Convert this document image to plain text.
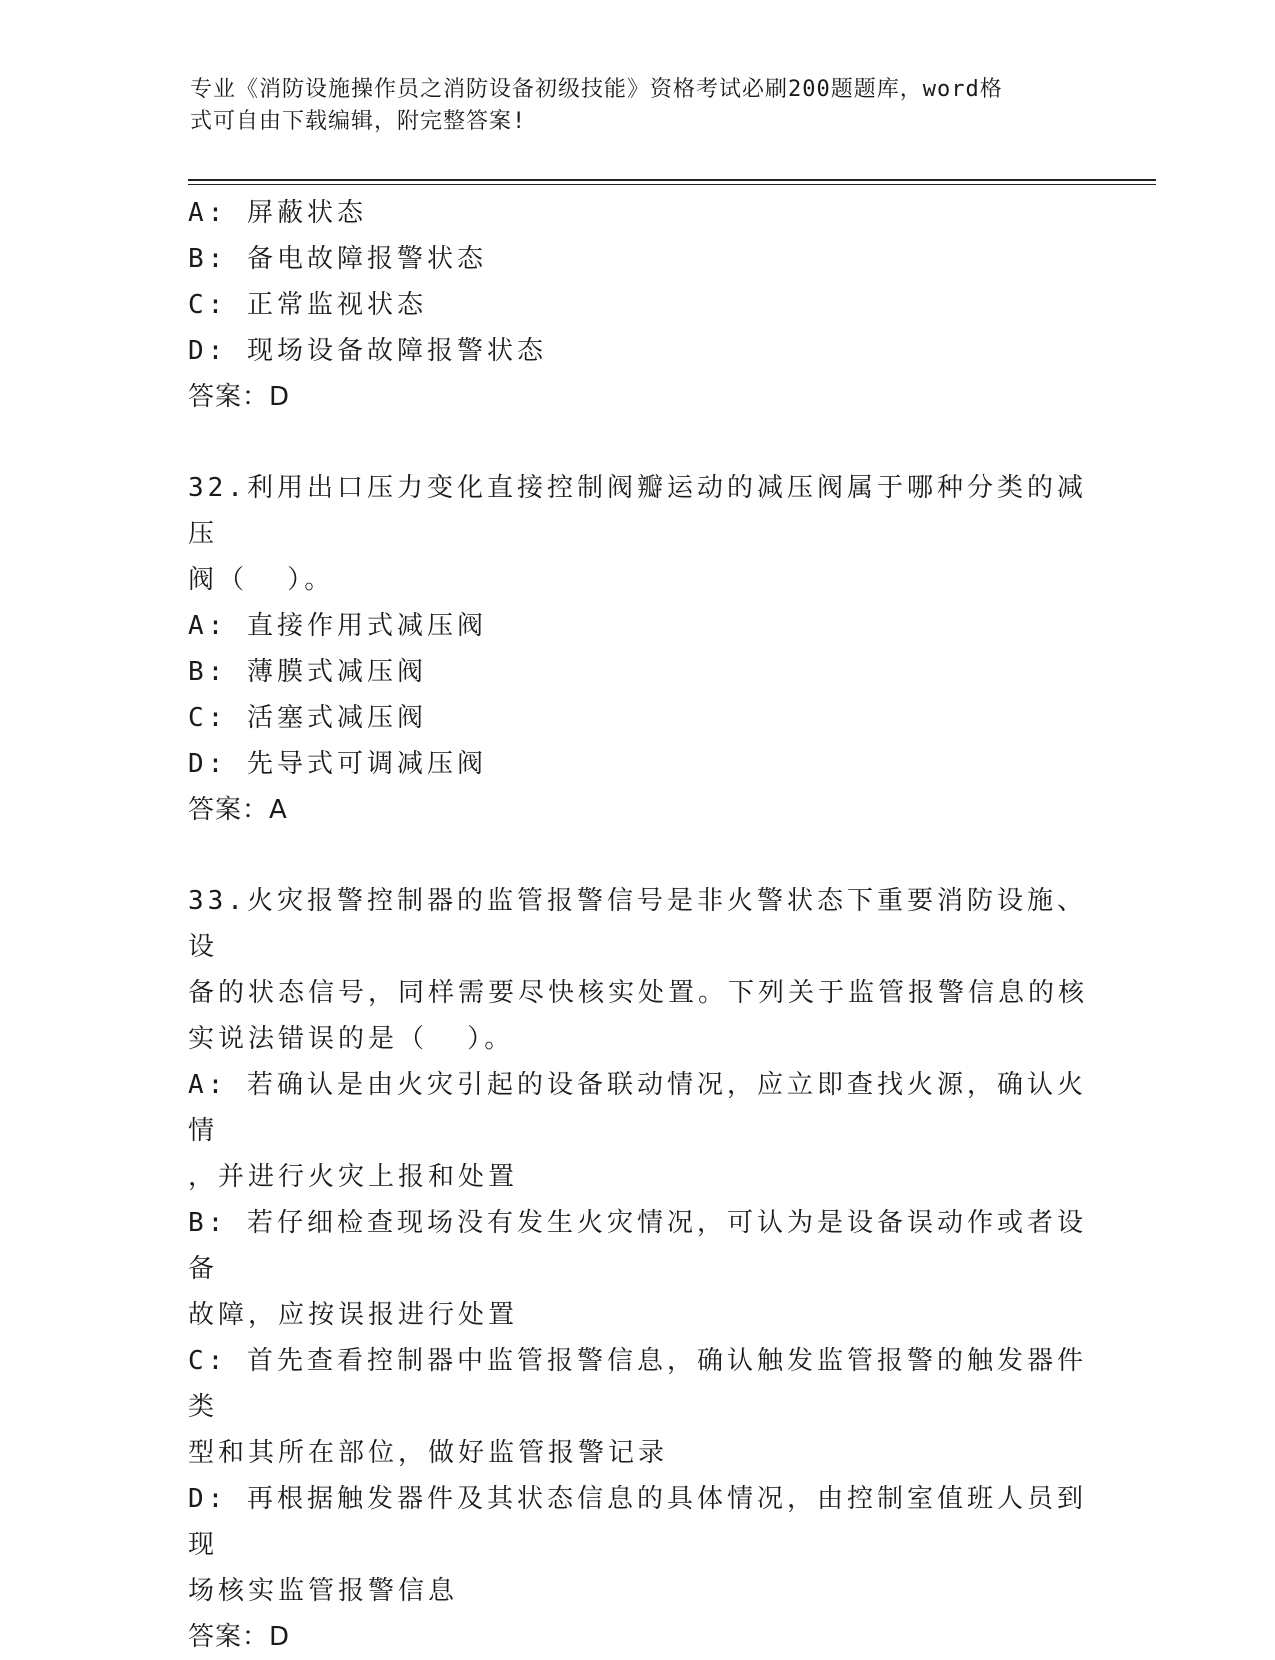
专业《消防设施操作员之消防设备初级技能》资格考试必刷200题题库，word格
式可自由下载编辑，附完整答案!
A: 屏蔽状态
B: 备电故障报警状态
C: 正常监视状态
D: 现场设备故障报警状态
答案：D
32.利用出口压力变化直接控制阀瓣运动的减压阀属于哪种分类的减压
阀（  ）。
A: 直接作用式减压阀
B: 薄膜式减压阀
C: 活塞式减压阀
D: 先导式可调减压阀
答案：A
33.火灾报警控制器的监管报警信号是非火警状态下重要消防设施、设
备的状态信号，同样需要尽快核实处置。下列关于监管报警信息的核
实说法错误的是（  ）。
A: 若确认是由火灾引起的设备联动情况，应立即查找火源，确认火情
，并进行火灾上报和处置
B: 若仔细检查现场没有发生火灾情况，可认为是设备误动作或者设备
故障，应按误报进行处置
C: 首先查看控制器中监管报警信息，确认触发监管报警的触发器件类
型和其所在部位，做好监管报警记录
D: 再根据触发器件及其状态信息的具体情况，由控制室值班人员到现
场核实监管报警信息
答案：D
